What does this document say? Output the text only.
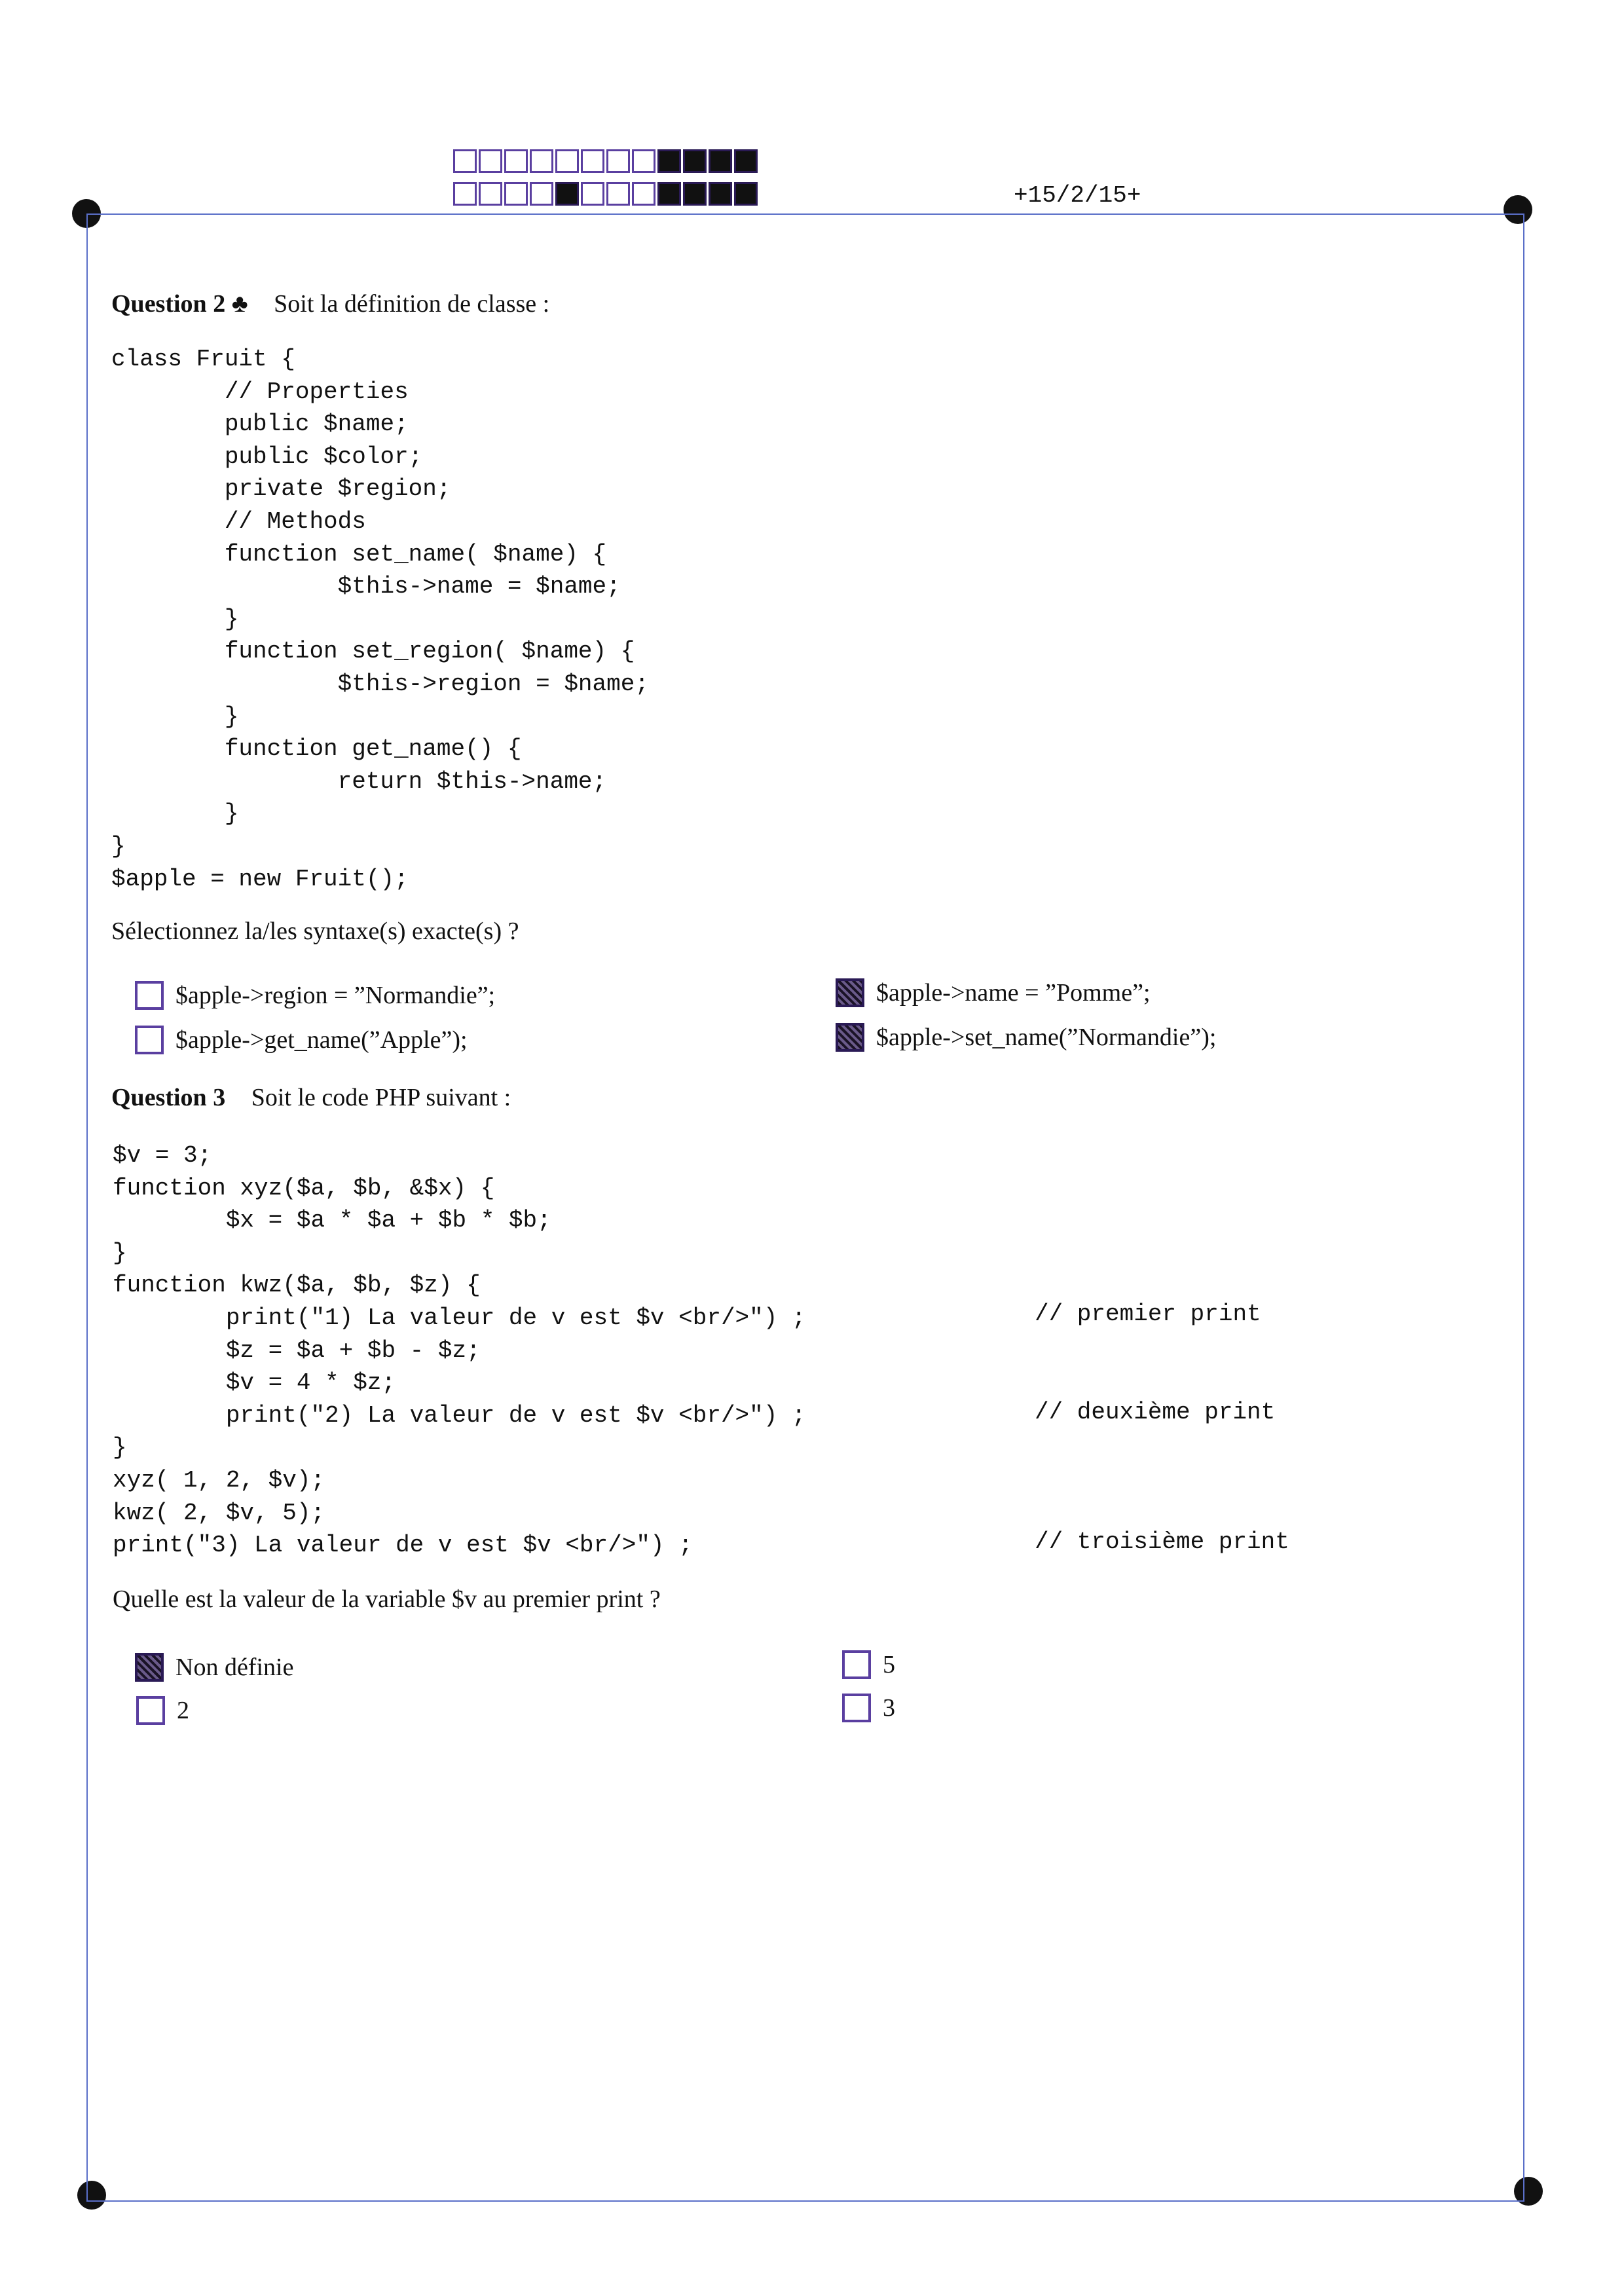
+15/2/15+
Question 2 ♣ Soit la définition de classe :
class Fruit {
// Properties
public $name;
public $color;
private $region;
// Methods
function set_name( $name) {
$this->name = $name;
}
function set_region( $name) {
$this->region = $name;
}
function get_name() {
return $this->name;
}
}
$apple = new Fruit();
Sélectionnez la/les syntaxe(s) exacte(s) ?
$apple->region = ”Normandie”;
$apple->get_name(”Apple”);
$apple->name = ”Pomme”;
$apple->set_name(”Normandie”);
Question 3 Soit le code PHP suivant :
$v = 3;
function xyz($a, $b, &$x) {
$x = $a * $a + $b * $b;
}
function kwz($a, $b, $z) {
print("1) La valeur de v est $v <br/>") ;
$z = $a + $b - $z;
$v = 4 * $z;
print("2) La valeur de v est $v <br/>") ;
}
xyz( 1, 2, $v);
kwz( 2, $v, 5);
print("3) La valeur de v est $v <br/>") ;
// premier print
// deuxième print
// troisième print
Quelle est la valeur de la variable $v au premier print ?
Non définie
2
5
3
